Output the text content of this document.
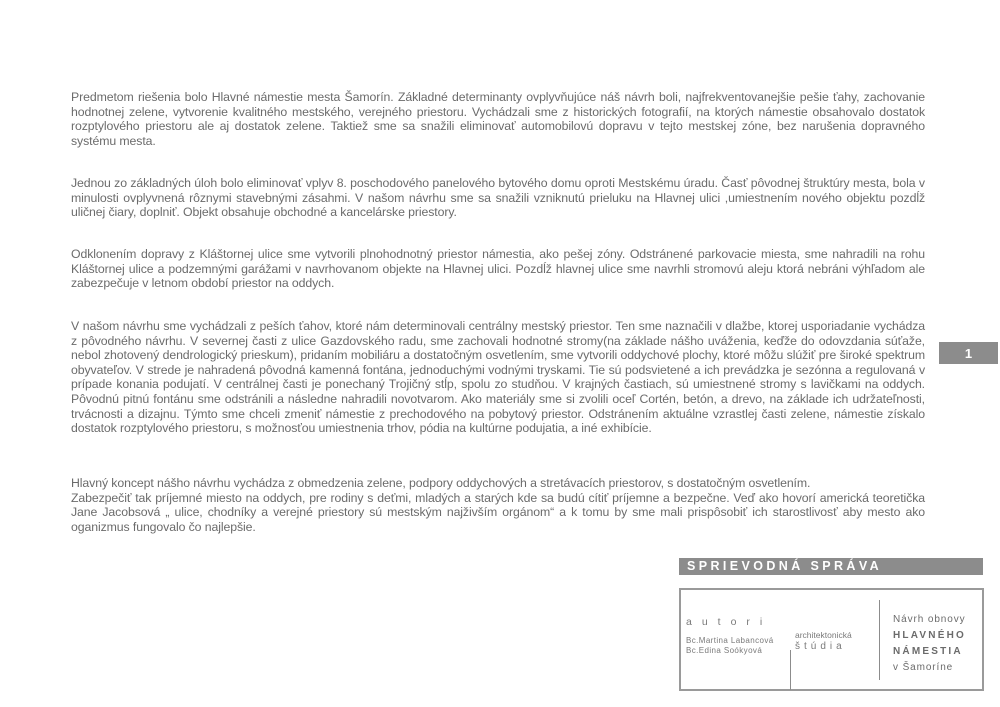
Predmetom riešenia bolo Hlavné námestie mesta Šamorín. Základné determinanty ovplyvňujúce náš návrh boli, najfrekventovanejšie pešie ťahy, zachovanie hodnotnej zelene, vytvorenie kvalitného mestského, verejného priestoru. Vychádzali sme z historických fotografií, na ktorých námestie obsahovalo dostatok rozptylového priestoru ale aj dostatok zelene. Taktiež sme sa snažili eliminovať automobilovú dopravu v tejto mestskej zóne, bez narušenia dopravného systému mesta.

Jednou zo základných úloh bolo eliminovať vplyv 8. poschodového panelového bytového domu oproti Mestskému úradu. Časť pôvodnej štruktúry mesta, bola v minulosti ovplyvnená rôznymi stavebnými zásahmi. V našom návrhu sme sa snažili vzniknutú prieluku na Hlavnej ulici ,umiestnením nového objektu pozdĺž uličnej čiary, doplniť. Objekt obsahuje obchodné a kancelárske priestory.

Odklonením dopravy z Kláštornej ulice sme vytvorili plnohodnotný priestor námestia, ako pešej zóny. Odstránené parkovacie miesta, sme nahradili na rohu Kláštornej ulice a podzemnými garážami v navrhovanom objekte na Hlavnej ulici. Pozdĺž hlavnej ulice sme navrhli stromovú aleju ktorá nebráni výhľadom ale zabezpečuje v letnom období priestor na oddych.

V našom návrhu sme vychádzali z peších ťahov, ktoré nám determinovali centrálny mestský priestor. Ten sme naznačili v dlažbe, ktorej usporiadanie vychádza z pôvodného návrhu. V severnej časti z ulice Gazdovského radu, sme zachovali hodnotné stromy(na základe nášho uváženia, keďže do odovzdania súťaže, nebol zhotovený dendrologický prieskum), pridaním mobiliáru a dostatočným osvetlením, sme vytvorili oddychové plochy, ktoré môžu slúžiť pre široké spektrum obyvateľov. V strede je nahradená pôvodná kamenná fontána, jednoduchými vodnými tryskami. Tie sú podsvietené a ich prevádzka je sezónna a regulovaná v prípade konania podujatí. V centrálnej časti je ponechaný Trojičný stĺp, spolu zo studňou. V krajných častiach, sú umiestnené stromy s lavičkami na oddych. Pôvodnú pitnú fontánu sme odstránili a následne nahradili novotvarom. Ako materiály sme si zvolili oceľ Cortén, betón, a drevo, na základe ich udržateľnosti, trvácnosti a dizajnu. Týmto sme chceli zmeniť námestie z prechodového na pobytový priestor. Odstránením aktuálne vzrastlej časti zelene, námestie získalo dostatok rozptylového priestoru, s možnosťou umiestnenia trhov, pódia na kultúrne podujatia, a iné exhibície.

Hlavný koncept nášho návrhu vychádza z obmedzenia zelene, podpory oddychových a stretávacích priestorov, s dostatočným osvetlením.

Zabezpečiť tak príjemné miesto na oddych, pre rodiny s deťmi, mladých a starých kde sa budú cítiť príjemne a bezpečne. Veď ako hovorí americká teoretička Jane Jacobsová „ ulice, chodníky a verejné priestory sú mestským najživším orgánom“ a k tomu by sme mali prispôsobiť ich starostlivosť aby mesto ako oganizmus fungovalo čo najlepšie.

1
SPRIEVODNÁ SPRÁVA
autori
Bc.Martina Labancová
Bc.Edina Soókyová
architektonická
štúdia
Návrh obnovy
HLAVNÉHO
NÁMESTIA
v Šamoríne
